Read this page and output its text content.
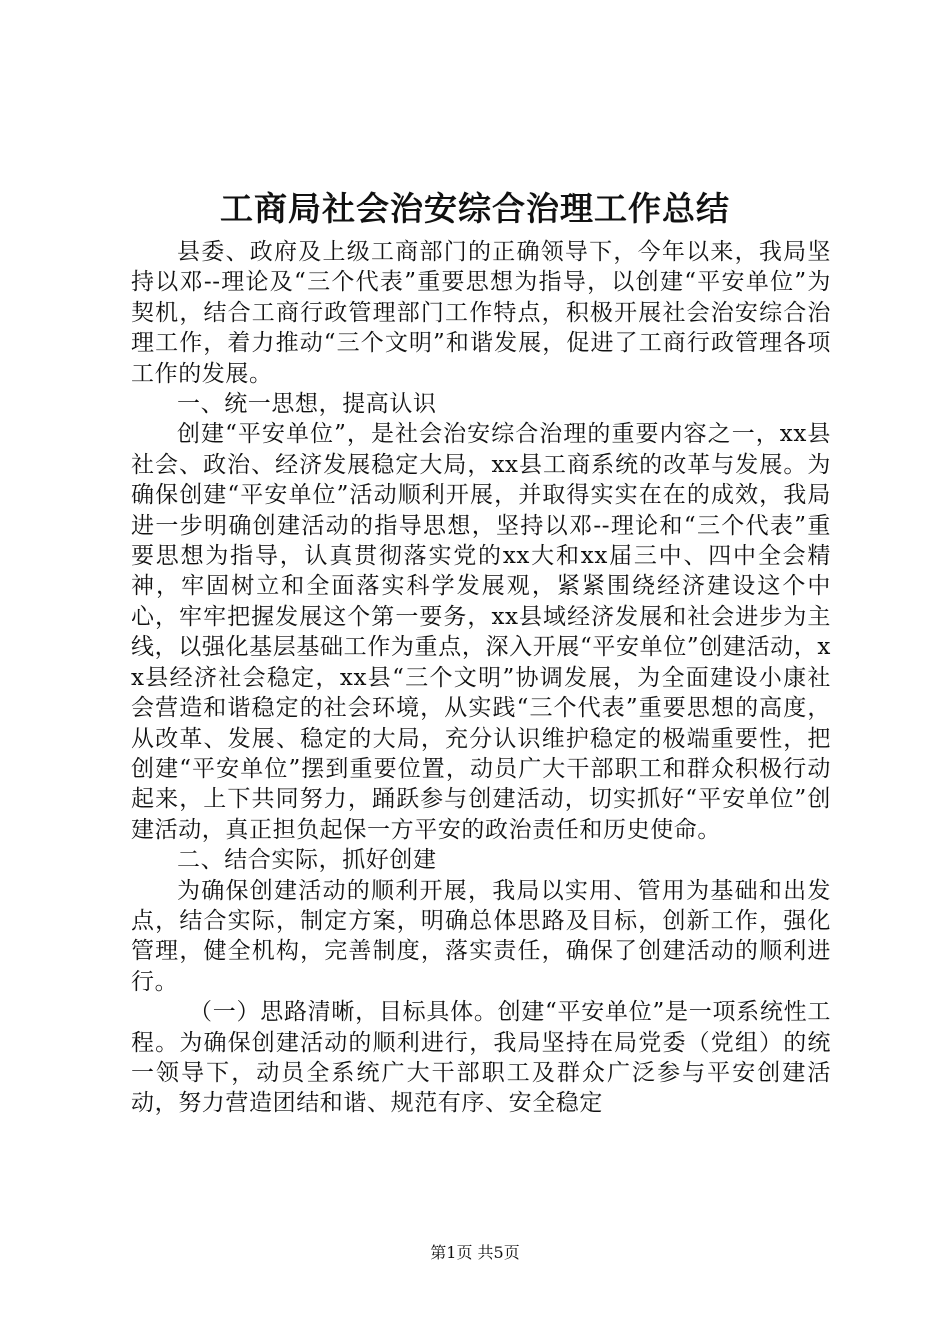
工商局社会治安综合治理工作总结

县委、政府及上级工商部门的正确领导下，今年以来，我局坚持以邓--理论及“三个代表”重要思想为指导，以创建“平安单位”为契机，结合工商行政管理部门工作特点，积极开展社会治安综合治理工作，着力推动“三个文明”和谐发展，促进了工商行政管理各项工作的发展。

一、统一思想，提高认识

创建“平安单位”，是社会治安综合治理的重要内容之一，xx县社会、政治、经济发展稳定大局，xx县工商系统的改革与发展。为确保创建“平安单位”活动顺利开展，并取得实实在在的成效，我局进一步明确创建活动的指导思想，坚持以邓--理论和“三个代表”重要思想为指导，认真贯彻落实党的xx大和xx届三中、四中全会精神，牢固树立和全面落实科学发展观，紧紧围绕经济建设这个中心，牢牢把握发展这个第一要务，xx县域经济发展和社会进步为主线，以强化基层基础工作为重点，深入开展“平安单位”创建活动，xx县经济社会稳定，xx县“三个文明”协调发展，为全面建设小康社会营造和谐稳定的社会环境，从实践“三个代表”重要思想的高度，从改革、发展、稳定的大局，充分认识维护稳定的极端重要性，把创建“平安单位”摆到重要位置，动员广大干部职工和群众积极行动起来，上下共同努力，踊跃参与创建活动，切实抓好“平安单位”创建活动，真正担负起保一方平安的政治责任和历史使命。

二、结合实际，抓好创建

为确保创建活动的顺利开展，我局以实用、管用为基础和出发点，结合实际，制定方案，明确总体思路及目标，创新工作，强化管理，健全机构，完善制度，落实责任，确保了创建活动的顺利进行。

（一）思路清晰，目标具体。创建“平安单位”是一项系统性工程。为确保创建活动的顺利进行，我局坚持在局党委（党组）的统一领导下，动员全系统广大干部职工及群众广泛参与平安创建活动，努力营造团结和谐、规范有序、安全稳定

第1页 共5页
